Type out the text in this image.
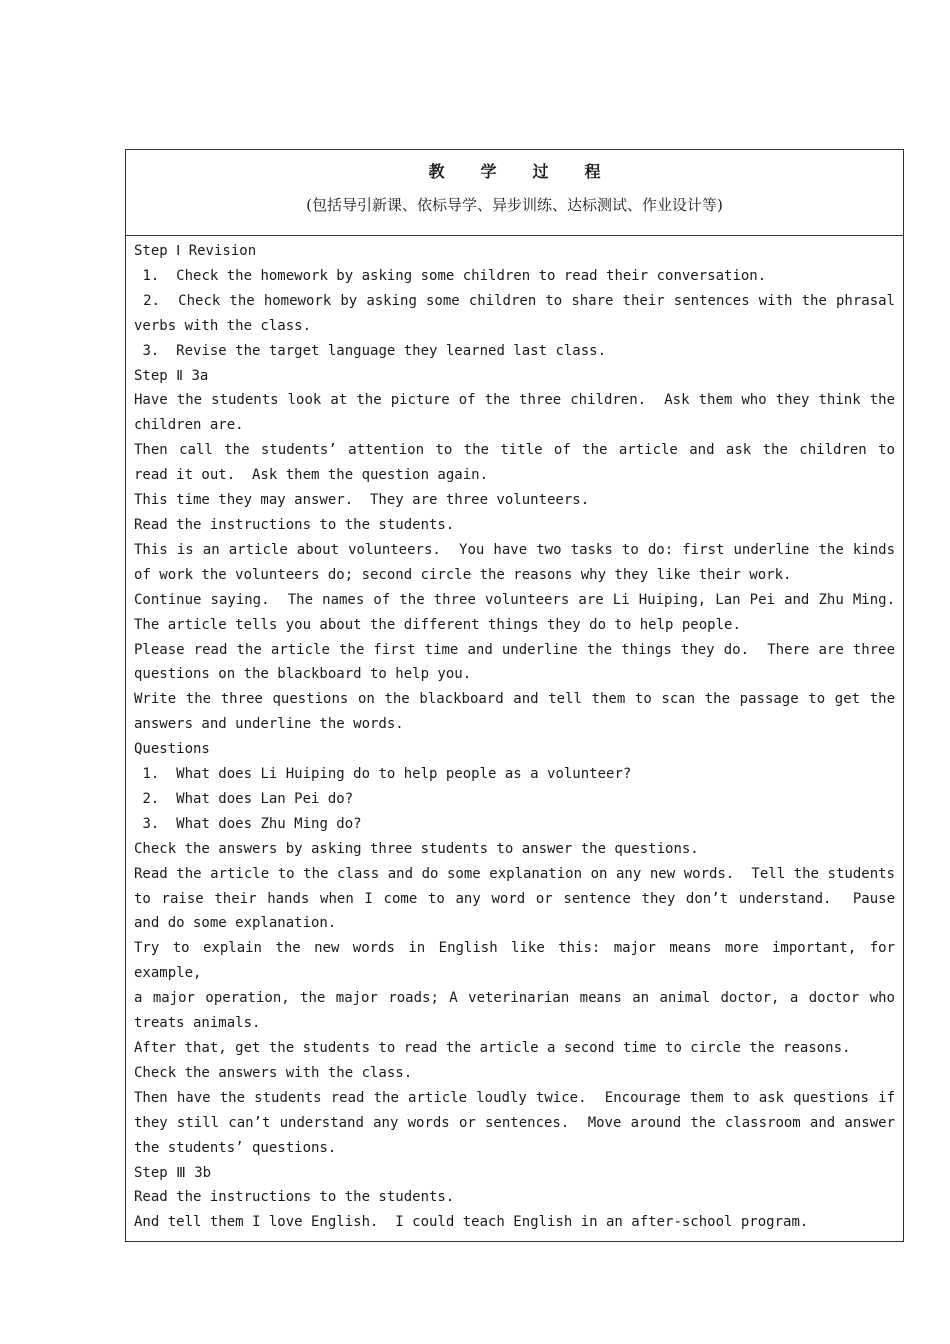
教学过程
(包括导引新课、依标导学、异步训练、达标测试、作业设计等)

Step Ⅰ Revision

1.  Check the homework by asking some children to read their conversation.

2.  Check the homework by asking some children to share their sentences with the phrasal

verbs with the class.

3.  Revise the target language they learned last class.

Step Ⅱ 3a

Have the students look at the picture of the three children.  Ask them who they think the

children are.

Then call the students’ attention to the title of the article and ask the children to

read it out.  Ask them the question again.

This time they may answer.  They are three volunteers.

Read the instructions to the students.

This is an article about volunteers.  You have two tasks to do: first underline the kinds

of work the volunteers do; second circle the reasons why they like their work.

Continue saying.  The names of the three volunteers are Li Huiping, Lan Pei and Zhu Ming.

The article tells you about the different things they do to help people.

Please read the article the first time and underline the things they do.  There are three

questions on the blackboard to help you.

Write the three questions on the blackboard and tell them to scan the passage to get the

answers and underline the words.

Questions

1.  What does Li Huiping do to help people as a volunteer?

2.  What does Lan Pei do?

3.  What does Zhu Ming do?

Check the answers by asking three students to answer the questions.

Read the article to the class and do some explanation on any new words.  Tell the students

to raise their hands when I come to any word or sentence they don’t understand.  Pause

and do some explanation.

Try to explain the new words in English like this: major means more important, for example,

a major operation, the major roads; A veterinarian means an animal doctor, a doctor who

treats animals.

After that, get the students to read the article a second time to circle the reasons.

Check the answers with the class.

Then have the students read the article loudly twice.  Encourage them to ask questions if

they still can’t understand any words or sentences.  Move around the classroom and answer

the students’ questions.

Step Ⅲ 3b

Read the instructions to the students.

And tell them I love English.  I could teach English in an after-school program.
